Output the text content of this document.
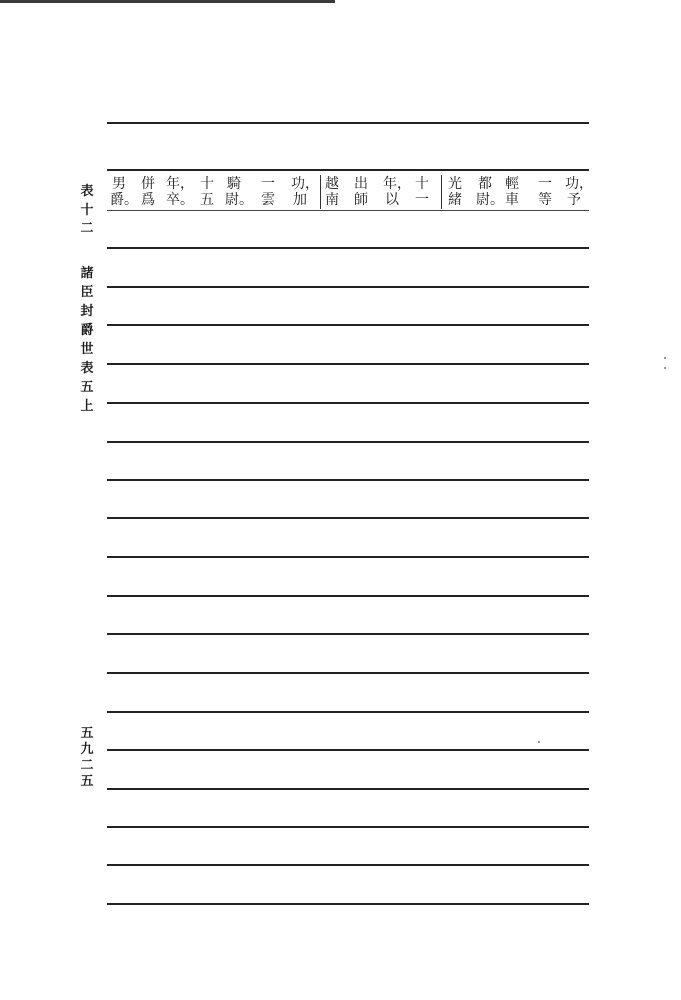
表
十
二
諸
臣
封
爵
世
表
五
上
五
九
二
五
功，
予
一
等
輕
車
都
尉。
光
緒
十
一
年，
以
出
師
越
南
功，
加
一
雲
騎
尉。
十
五
年，
卒。
併
爲
男
爵。
